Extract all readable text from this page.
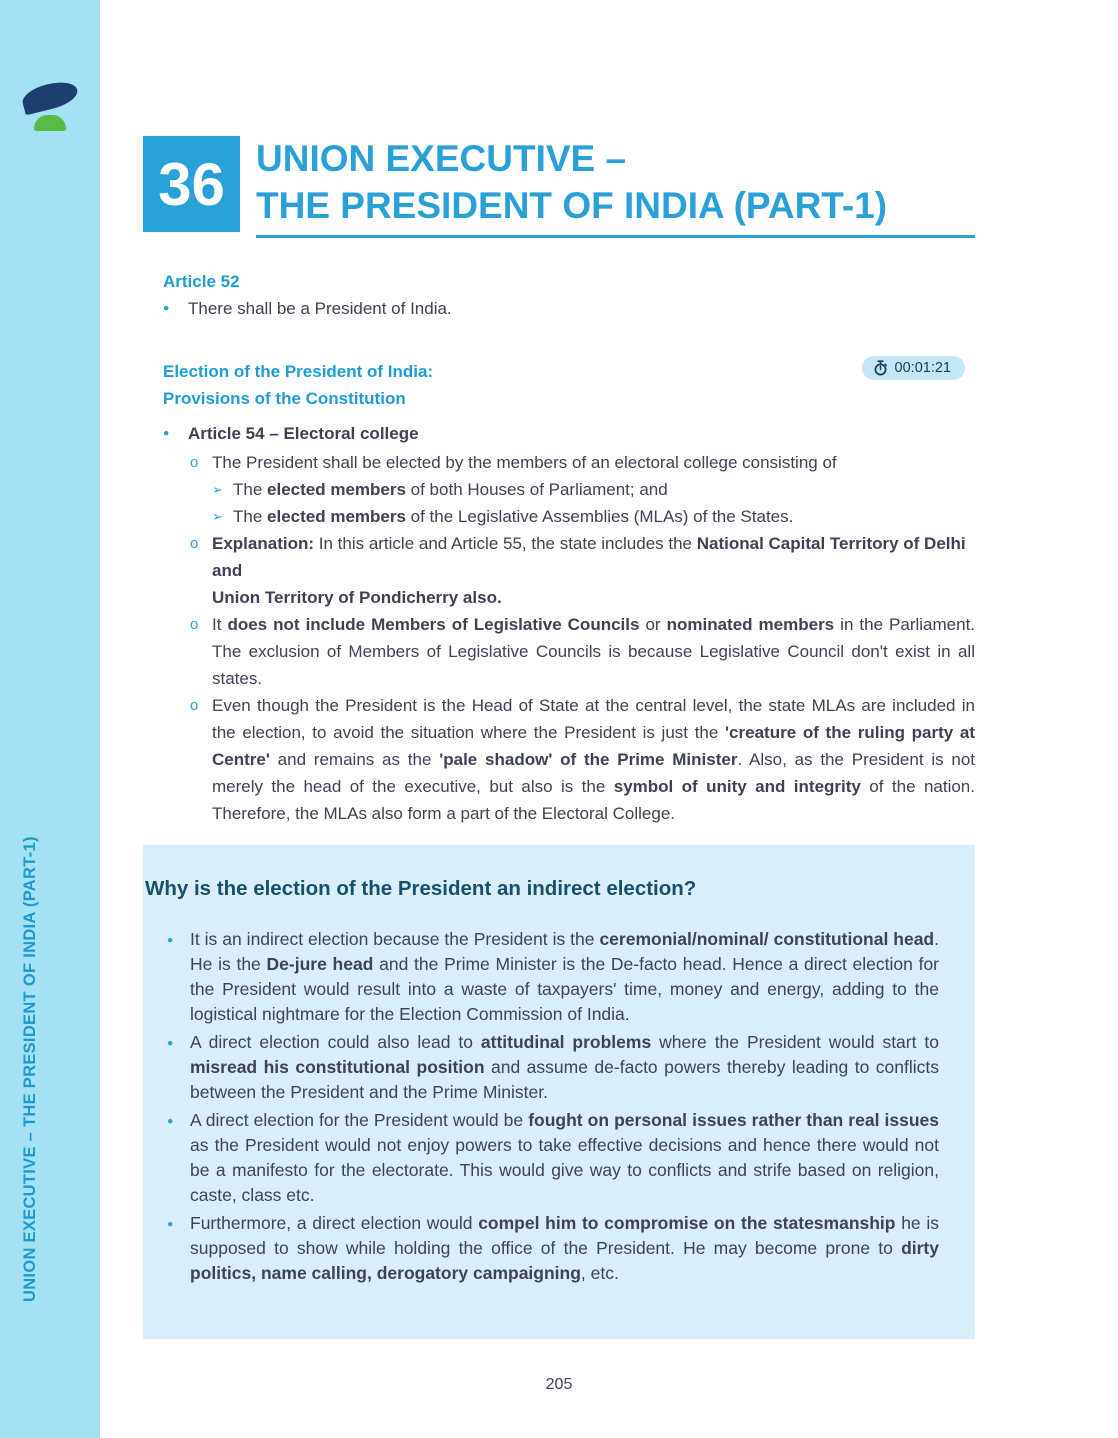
UNION EXECUTIVE – THE PRESIDENT OF INDIA (PART-1)
36 UNION EXECUTIVE –
THE PRESIDENT OF INDIA (PART-1)
Article 52
●

There shall be a President of India.

Election of the President of India:
Provisions of the Constitution
00:01:21
●

Article 54 – Electoral college

o

The President shall be elected by the members of an electoral college consisting of

➢

The elected members of both Houses of Parliament; and

➢

The elected members of the Legislative Assemblies (MLAs) of the States.

o

Explanation: In this article and Article 55, the state includes the National Capital Territory of Delhi
and
Union Territory of Pondicherry also.

o

It does not include Members of Legislative Councils or nominated members in the Parliament. The exclusion of Members of Legislative Councils is because Legislative Council don't exist in all states.

o

Even though the President is the Head of State at the central level, the state MLAs are included in the election, to avoid the situation where the President is just the 'creature of the ruling party at Centre' and remains as the 'pale shadow' of the Prime Minister. Also, as the President is not merely the head of the executive, but also is the symbol of unity and integrity of the nation. Therefore, the MLAs also form a part of the Electoral College.

Why is the election of the President an indirect election?
●

It is an indirect election because the President is the ceremonial/nominal/ constitutional head. He is the De-jure head and the Prime Minister is the De-facto head. Hence a direct election for the President would result into a waste of taxpayers' time, money and energy, adding to the logistical nightmare for the Election Commission of India.

●

A direct election could also lead to attitudinal problems where the President would start to misread his constitutional position and assume de-facto powers thereby leading to conflicts between the President and the Prime Minister.

●

A direct election for the President would be fought on personal issues rather than real issues as the President would not enjoy powers to take effective decisions and hence there would not be a manifesto for the electorate. This would give way to conflicts and strife based on religion, caste, class etc.

●

Furthermore, a direct election would compel him to compromise on the statesmanship he is supposed to show while holding the office of the President. He may become prone to dirty politics, name calling, derogatory campaigning, etc.

205
